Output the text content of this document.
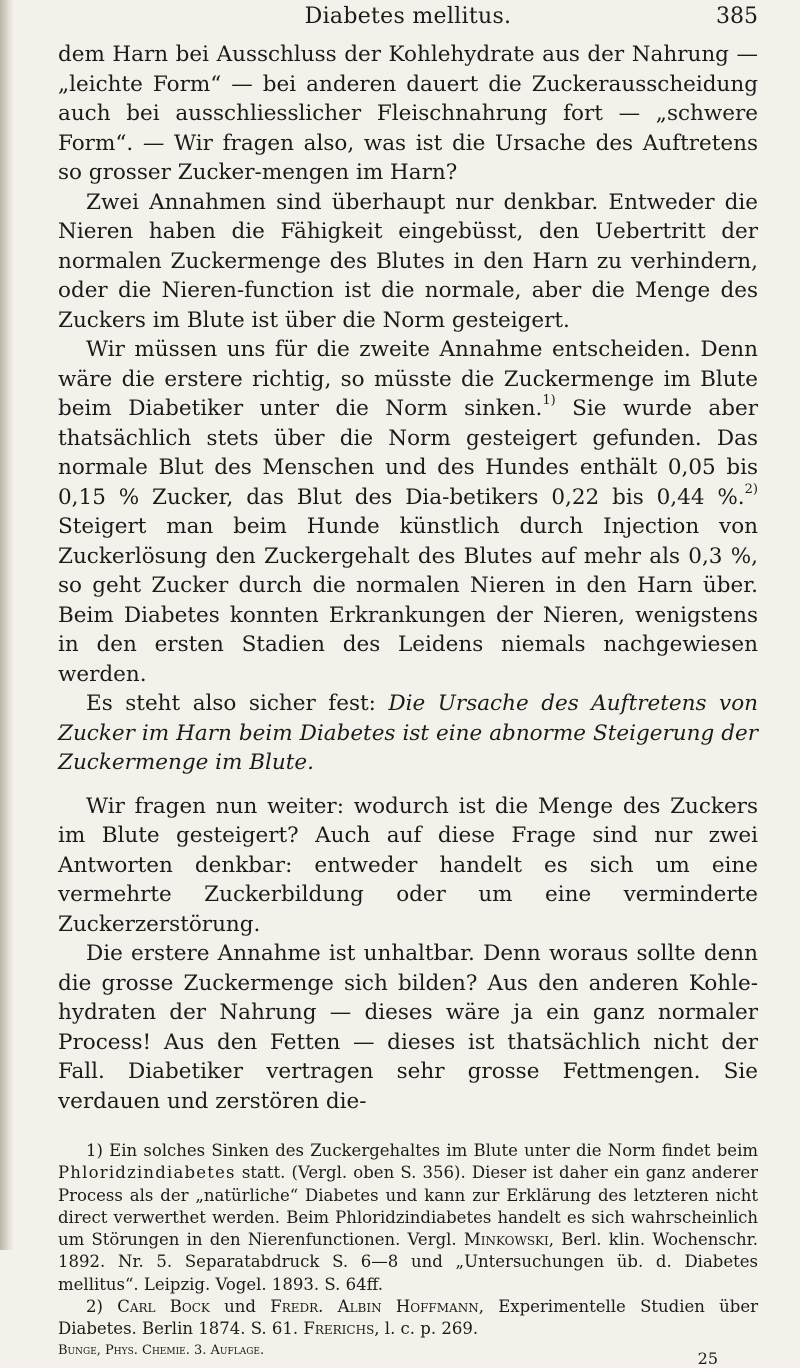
Diabetes mellitus.	385

dem Harn bei Ausschluss der Kohlehydrate aus der Nahrung — „leichte Form“ — bei anderen dauert die Zuckerausscheidung auch bei ausschliesslicher Fleischnahrung fort — „schwere Form“. — Wir fragen also, was ist die Ursache des Auftretens so grosser Zucker-mengen im Harn?

Zwei Annahmen sind überhaupt nur denkbar. Entweder die Nieren haben die Fähigkeit eingebüsst, den Uebertritt der normalen Zuckermenge des Blutes in den Harn zu verhindern, oder die Nieren-function ist die normale, aber die Menge des Zuckers im Blute ist über die Norm gesteigert.

Wir müssen uns für die zweite Annahme entscheiden. Denn wäre die erstere richtig, so müsste die Zuckermenge im Blute beim Diabetiker unter die Norm sinken.$^{1)}$ Sie wurde aber thatsächlich stets über die Norm gesteigert gefunden. Das normale Blut des Menschen und des Hundes enthält 0,05 bis 0,15 % Zucker, das Blut des Dia-betikers 0,22 bis 0,44 %.$^{2)}$ Steigert man beim Hunde künstlich durch Injection von Zuckerlösung den Zuckergehalt des Blutes auf mehr als 0,3 %, so geht Zucker durch die normalen Nieren in den Harn über. Beim Diabetes konnten Erkrankungen der Nieren, wenigstens in den ersten Stadien des Leidens niemals nachgewiesen werden.

Es steht also sicher fest: Die Ursache des Auftretens von Zucker im Harn beim Diabetes ist eine abnorme Steigerung der Zuckermenge im Blute.

Wir fragen nun weiter: wodurch ist die Menge des Zuckers im Blute gesteigert? Auch auf diese Frage sind nur zwei Antworten denkbar: entweder handelt es sich um eine vermehrte Zuckerbildung oder um eine verminderte Zuckerzerstörung.

Die erstere Annahme ist unhaltbar. Denn woraus sollte denn die grosse Zuckermenge sich bilden? Aus den anderen Kohle-hydraten der Nahrung — dieses wäre ja ein ganz normaler Process! Aus den Fetten — dieses ist thatsächlich nicht der Fall. Diabetiker vertragen sehr grosse Fettmengen. Sie verdauen und zerstören die-

1) Ein solches Sinken des Zuckergehaltes im Blute unter die Norm findet beim Phloridzindiabetes statt. (Vergl. oben S. 356). Dieser ist daher ein ganz anderer Process als der „natürliche“ Diabetes und kann zur Erklärung des letzteren nicht direct verwerthet werden. Beim Phloridzindiabetes handelt es sich wahrscheinlich um Störungen in den Nierenfunctionen. Vergl. Minkowski, Berl. klin. Wochenschr. 1892. Nr. 5. Separatabdruck S. 6—8 und „Untersuchungen üb. d. Diabetes mellitus“. Leipzig. Vogel. 1893. S. 64ff.

2) Carl Bock und Fredr. Albin Hoffmann, Experimentelle Studien über Diabetes. Berlin 1874. S. 61. Frerichs, l. c. p. 269.

Bunge, Phys. Chemie. 3. Auflage.	25
